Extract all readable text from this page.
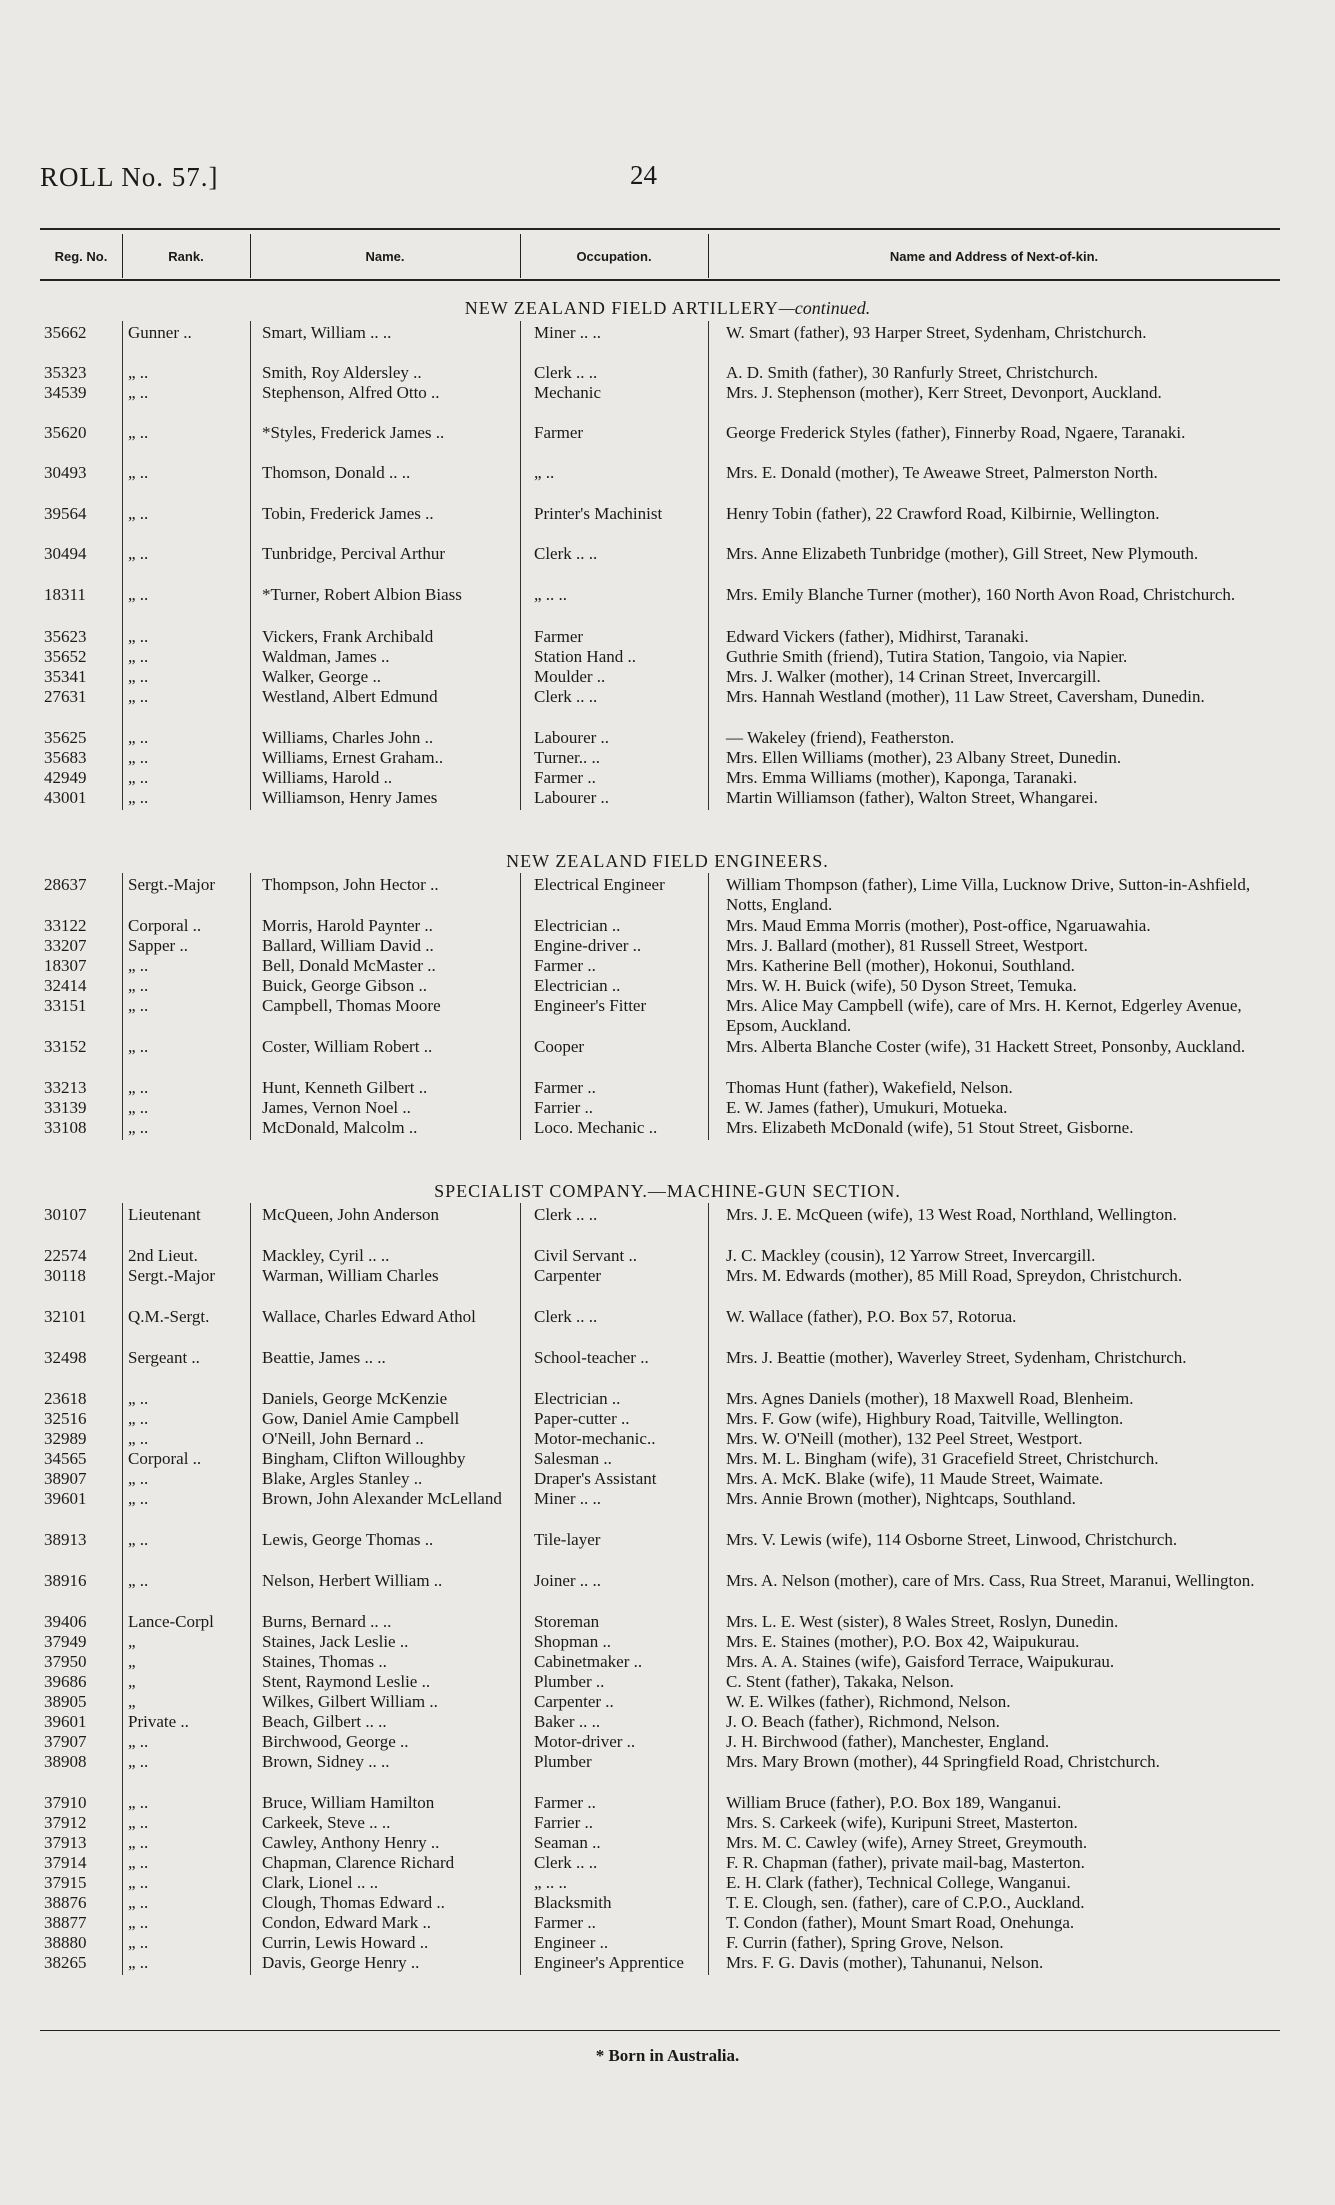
ROLL No. 57.]	24
Reg. No.	Rank.	Name.	Occupation.	Name and Address of Next-of-kin.
NEW ZEALAND FIELD ARTILLERY—continued.
35662	Gunner ..	Smart, William .. ..	Miner .. ..	W. Smart (father), 93 Harper Street, Sydenham, Christchurch.
35323	„ ..	Smith, Roy Aldersley ..	Clerk .. ..	A. D. Smith (father), 30 Ranfurly Street, Christchurch.
34539	„ ..	Stephenson, Alfred Otto ..	Mechanic	Mrs. J. Stephenson (mother), Kerr Street, Devonport, Auckland.
35620	„ ..	*Styles, Frederick James ..	Farmer	George Frederick Styles (father), Finnerby Road, Ngaere, Taranaki.
30493	„ ..	Thomson, Donald .. ..	„ ..	Mrs. E. Donald (mother), Te Aweawe Street, Palmerston North.
39564	„ ..	Tobin, Frederick James ..	Printer's Machinist	Henry Tobin (father), 22 Crawford Road, Kilbirnie, Wellington.
30494	„ ..	Tunbridge, Percival Arthur	Clerk .. ..	Mrs. Anne Elizabeth Tunbridge (mother), Gill Street, New Plymouth.
18311	„ ..	*Turner, Robert Albion Biass	„ .. ..	Mrs. Emily Blanche Turner (mother), 160 North Avon Road, Christchurch.
35623	„ ..	Vickers, Frank Archibald	Farmer	Edward Vickers (father), Midhirst, Taranaki.
35652	„ ..	Waldman, James ..	Station Hand ..	Guthrie Smith (friend), Tutira Station, Tangoio, via Napier.
35341	„ ..	Walker, George ..	Moulder ..	Mrs. J. Walker (mother), 14 Crinan Street, Invercargill.
27631	„ ..	Westland, Albert Edmund	Clerk .. ..	Mrs. Hannah Westland (mother), 11 Law Street, Caversham, Dunedin.
35625	„ ..	Williams, Charles John ..	Labourer ..	— Wakeley (friend), Featherston.
35683	„ ..	Williams, Ernest Graham..	Turner.. ..	Mrs. Ellen Williams (mother), 23 Albany Street, Dunedin.
42949	„ ..	Williams, Harold ..	Farmer ..	Mrs. Emma Williams (mother), Kaponga, Taranaki.
43001	„ ..	Williamson, Henry James	Labourer ..	Martin Williamson (father), Walton Street, Whangarei.
NEW ZEALAND FIELD ENGINEERS.
28637	Sergt.-Major	Thompson, John Hector ..	Electrical Engineer	William Thompson (father), Lime Villa, Lucknow Drive, Sutton-in-Ashfield, Notts, England.
33122	Corporal ..	Morris, Harold Paynter ..	Electrician ..	Mrs. Maud Emma Morris (mother), Post-office, Ngaruawahia.
33207	Sapper ..	Ballard, William David ..	Engine-driver ..	Mrs. J. Ballard (mother), 81 Russell Street, Westport.
18307	„ ..	Bell, Donald McMaster ..	Farmer ..	Mrs. Katherine Bell (mother), Hokonui, Southland.
32414	„ ..	Buick, George Gibson ..	Electrician ..	Mrs. W. H. Buick (wife), 50 Dyson Street, Temuka.
33151	„ ..	Campbell, Thomas Moore	Engineer's Fitter	Mrs. Alice May Campbell (wife), care of Mrs. H. Kernot, Edgerley Avenue, Epsom, Auckland.
33152	„ ..	Coster, William Robert ..	Cooper	Mrs. Alberta Blanche Coster (wife), 31 Hackett Street, Ponsonby, Auckland.
33213	„ ..	Hunt, Kenneth Gilbert ..	Farmer ..	Thomas Hunt (father), Wakefield, Nelson.
33139	„ ..	James, Vernon Noel ..	Farrier ..	E. W. James (father), Umukuri, Motueka.
33108	„ ..	McDonald, Malcolm ..	Loco. Mechanic ..	Mrs. Elizabeth McDonald (wife), 51 Stout Street, Gisborne.
SPECIALIST COMPANY.—MACHINE-GUN SECTION.
30107	Lieutenant	McQueen, John Anderson	Clerk .. ..	Mrs. J. E. McQueen (wife), 13 West Road, Northland, Wellington.
22574	2nd Lieut.	Mackley, Cyril .. ..	Civil Servant ..	J. C. Mackley (cousin), 12 Yarrow Street, Invercargill.
30118	Sergt.-Major	Warman, William Charles	Carpenter	Mrs. M. Edwards (mother), 85 Mill Road, Spreydon, Christchurch.
32101	Q.M.-Sergt.	Wallace, Charles Edward Athol	Clerk .. ..	W. Wallace (father), P.O. Box 57, Rotorua.
32498	Sergeant ..	Beattie, James .. ..	School-teacher ..	Mrs. J. Beattie (mother), Waverley Street, Sydenham, Christchurch.
23618	„ ..	Daniels, George McKenzie	Electrician ..	Mrs. Agnes Daniels (mother), 18 Maxwell Road, Blenheim.
32516	„ ..	Gow, Daniel Amie Campbell	Paper-cutter ..	Mrs. F. Gow (wife), Highbury Road, Taitville, Wellington.
32989	„ ..	O'Neill, John Bernard ..	Motor-mechanic..	Mrs. W. O'Neill (mother), 132 Peel Street, Westport.
34565	Corporal ..	Bingham, Clifton Willoughby	Salesman ..	Mrs. M. L. Bingham (wife), 31 Gracefield Street, Christchurch.
38907	„ ..	Blake, Argles Stanley ..	Draper's Assistant	Mrs. A. McK. Blake (wife), 11 Maude Street, Waimate.
39601	„ ..	Brown, John Alexander McLelland	Miner .. ..	Mrs. Annie Brown (mother), Nightcaps, Southland.
38913	„ ..	Lewis, George Thomas ..	Tile-layer	Mrs. V. Lewis (wife), 114 Osborne Street, Linwood, Christchurch.
38916	„ ..	Nelson, Herbert William ..	Joiner .. ..	Mrs. A. Nelson (mother), care of Mrs. Cass, Rua Street, Maranui, Wellington.
39406	Lance-Corpl	Burns, Bernard .. ..	Storeman	Mrs. L. E. West (sister), 8 Wales Street, Roslyn, Dunedin.
37949	„	Staines, Jack Leslie ..	Shopman ..	Mrs. E. Staines (mother), P.O. Box 42, Waipukurau.
37950	„	Staines, Thomas ..	Cabinetmaker ..	Mrs. A. A. Staines (wife), Gaisford Terrace, Waipukurau.
39686	„	Stent, Raymond Leslie ..	Plumber ..	C. Stent (father), Takaka, Nelson.
38905	„	Wilkes, Gilbert William ..	Carpenter ..	W. E. Wilkes (father), Richmond, Nelson.
39601	Private ..	Beach, Gilbert .. ..	Baker .. ..	J. O. Beach (father), Richmond, Nelson.
37907	„ ..	Birchwood, George ..	Motor-driver ..	J. H. Birchwood (father), Manchester, England.
38908	„ ..	Brown, Sidney .. ..	Plumber	Mrs. Mary Brown (mother), 44 Springfield Road, Christchurch.
37910	„ ..	Bruce, William Hamilton	Farmer ..	William Bruce (father), P.O. Box 189, Wanganui.
37912	„ ..	Carkeek, Steve .. ..	Farrier ..	Mrs. S. Carkeek (wife), Kuripuni Street, Masterton.
37913	„ ..	Cawley, Anthony Henry ..	Seaman ..	Mrs. M. C. Cawley (wife), Arney Street, Greymouth.
37914	„ ..	Chapman, Clarence Richard	Clerk .. ..	F. R. Chapman (father), private mail-bag, Masterton.
37915	„ ..	Clark, Lionel .. ..	„ .. ..	E. H. Clark (father), Technical College, Wanganui.
38876	„ ..	Clough, Thomas Edward ..	Blacksmith	T. E. Clough, sen. (father), care of C.P.O., Auckland.
38877	„ ..	Condon, Edward Mark ..	Farmer ..	T. Condon (father), Mount Smart Road, Onehunga.
38880	„ ..	Currin, Lewis Howard ..	Engineer ..	F. Currin (father), Spring Grove, Nelson.
38265	„ ..	Davis, George Henry ..	Engineer's Apprentice	Mrs. F. G. Davis (mother), Tahunanui, Nelson.
* Born in Australia.
